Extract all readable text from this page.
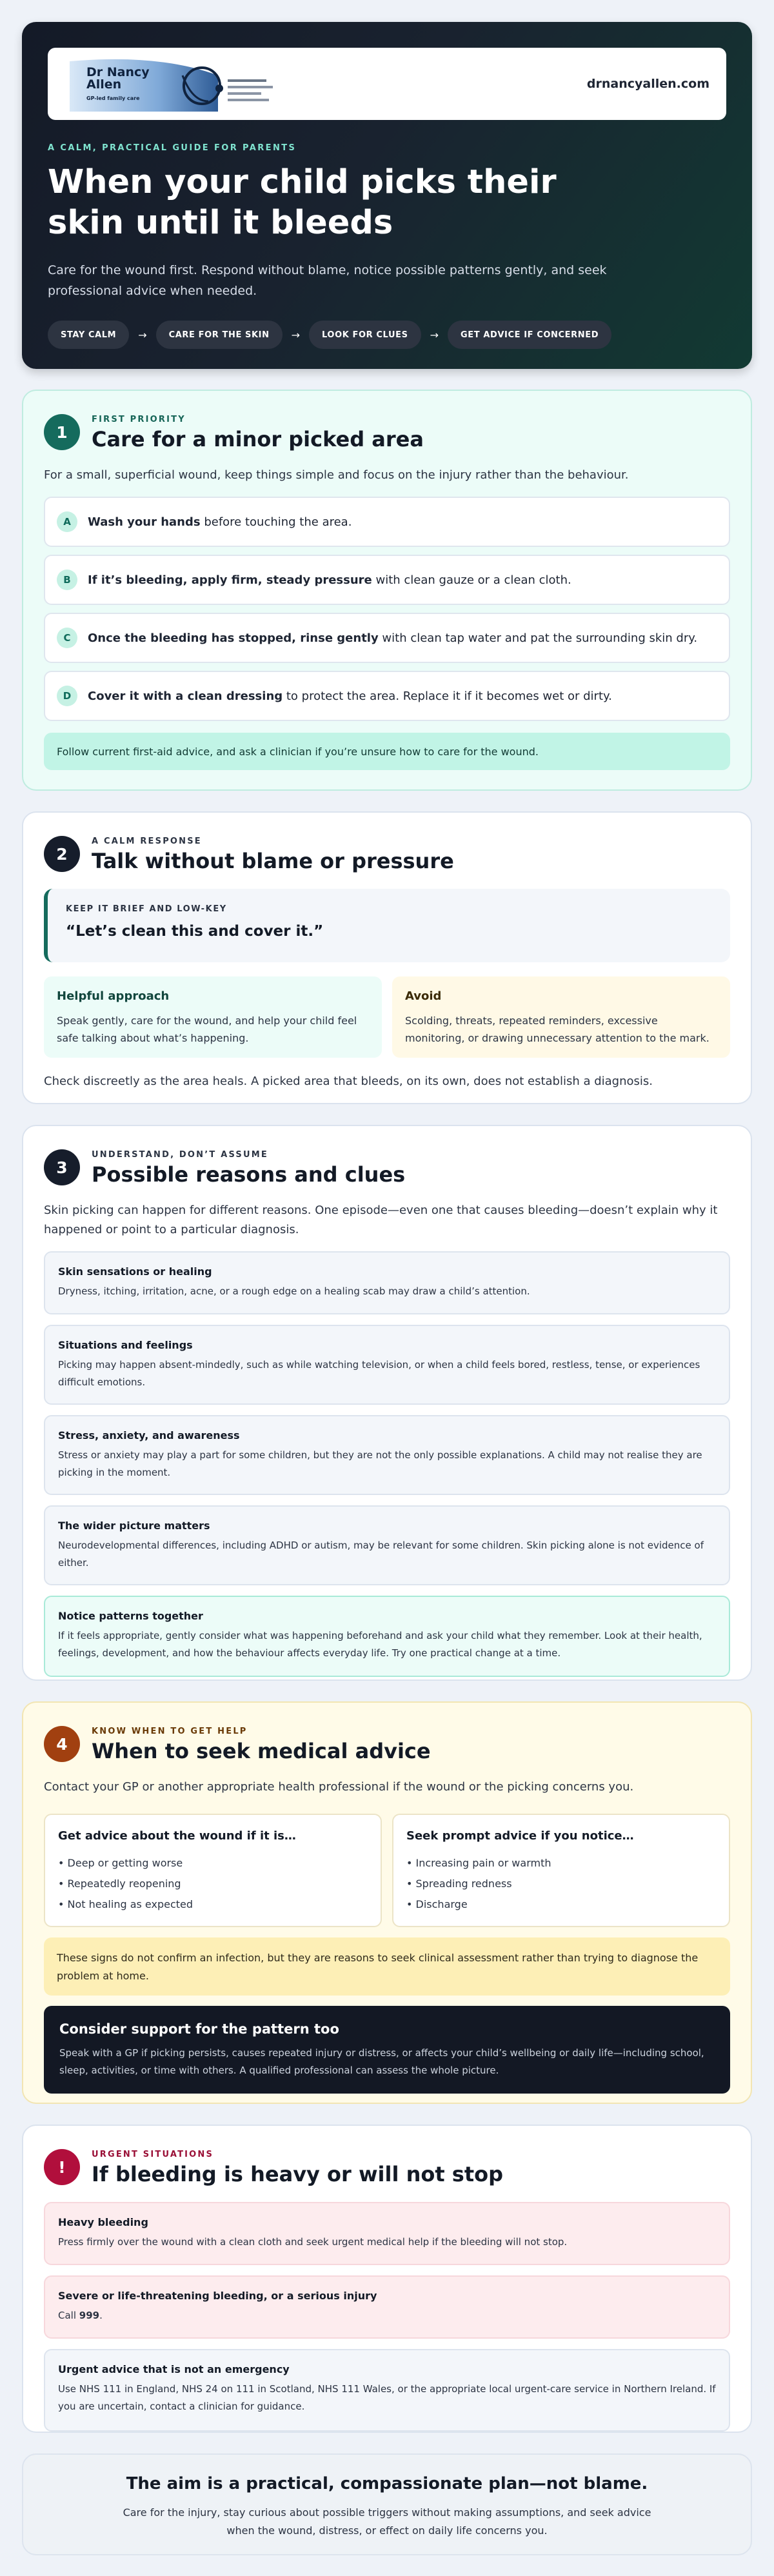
Dr Nancy
Allen
GP-led family care
drnancyallen.com
A CALM, PRACTICAL GUIDE FOR PARENTS
When your child picks their skin until it bleeds

Care for the wound first. Respond without blame, notice possible patterns gently, and seek professional advice when needed.

STAY CALM	→	CARE FOR THE SKIN	→	LOOK FOR CLUES	→	GET ADVICE IF CONCERNED
1
FIRST PRIORITY
Care for a minor picked area

For a small, superficial wound, keep things simple and focus on the injury rather than the behaviour.

A	Wash your hands before touching the area.
B	If it’s bleeding, apply firm, steady pressure with clean gauze or a clean cloth.
C	Once the bleeding has stopped, rinse gently with clean tap water and pat the surrounding skin dry.
D	Cover it with a clean dressing to protect the area. Replace it if it becomes wet or dirty.
Follow current first-aid advice, and ask a clinician if you’re unsure how to care for the wound.
2
A CALM RESPONSE
Talk without blame or pressure
KEEP IT BRIEF AND LOW-KEY
“Let’s clean this and cover it.”
Helpful approach
Speak gently, care for the wound, and help your child feel safe talking about what’s happening.
Avoid
Scolding, threats, repeated reminders, excessive monitoring, or drawing unnecessary attention to the mark.

Check discreetly as the area heals. A picked area that bleeds, on its own, does not establish a diagnosis.

3
UNDERSTAND, DON’T ASSUME
Possible reasons and clues

Skin picking can happen for different reasons. One episode—even one that causes bleeding—doesn’t explain why it happened or point to a particular diagnosis.

Skin sensations or healing
Dryness, itching, irritation, acne, or a rough edge on a healing scab may draw a child’s attention.
Situations and feelings
Picking may happen absent-mindedly, such as while watching television, or when a child feels bored, restless, tense, or experiences difficult emotions.
Stress, anxiety, and awareness
Stress or anxiety may play a part for some children, but they are not the only possible explanations. A child may not realise they are picking in the moment.
The wider picture matters
Neurodevelopmental differences, including ADHD or autism, may be relevant for some children. Skin picking alone is not evidence of either.
Notice patterns together
If it feels appropriate, gently consider what was happening beforehand and ask your child what they remember. Look at their health, feelings, development, and how the behaviour affects everyday life. Try one practical change at a time.
4
KNOW WHEN TO GET HELP
When to seek medical advice

Contact your GP or another appropriate health professional if the wound or the picking concerns you.

Get advice about the wound if it is…
• Deep or getting worse
• Repeatedly reopening
• Not healing as expected
Seek prompt advice if you notice…
• Increasing pain or warmth
• Spreading redness
• Discharge
These signs do not confirm an infection, but they are reasons to seek clinical assessment rather than trying to diagnose the problem at home.
Consider support for the pattern too
Speak with a GP if picking persists, causes repeated injury or distress, or affects your child’s wellbeing or daily life—including school, sleep, activities, or time with others. A qualified professional can assess the whole picture.
!
URGENT SITUATIONS
If bleeding is heavy or will not stop
Heavy bleeding
Press firmly over the wound with a clean cloth and seek urgent medical help if the bleeding will not stop.
Severe or life-threatening bleeding, or a serious injury
Call 999.
Urgent advice that is not an emergency
Use NHS 111 in England, NHS 24 on 111 in Scotland, NHS 111 Wales, or the appropriate local urgent-care service in Northern Ireland. If you are uncertain, contact a clinician for guidance.
The aim is a practical, compassionate plan—not blame.

Care for the injury, stay curious about possible triggers without making assumptions, and seek advice when the wound, distress, or effect on daily life concerns you.
